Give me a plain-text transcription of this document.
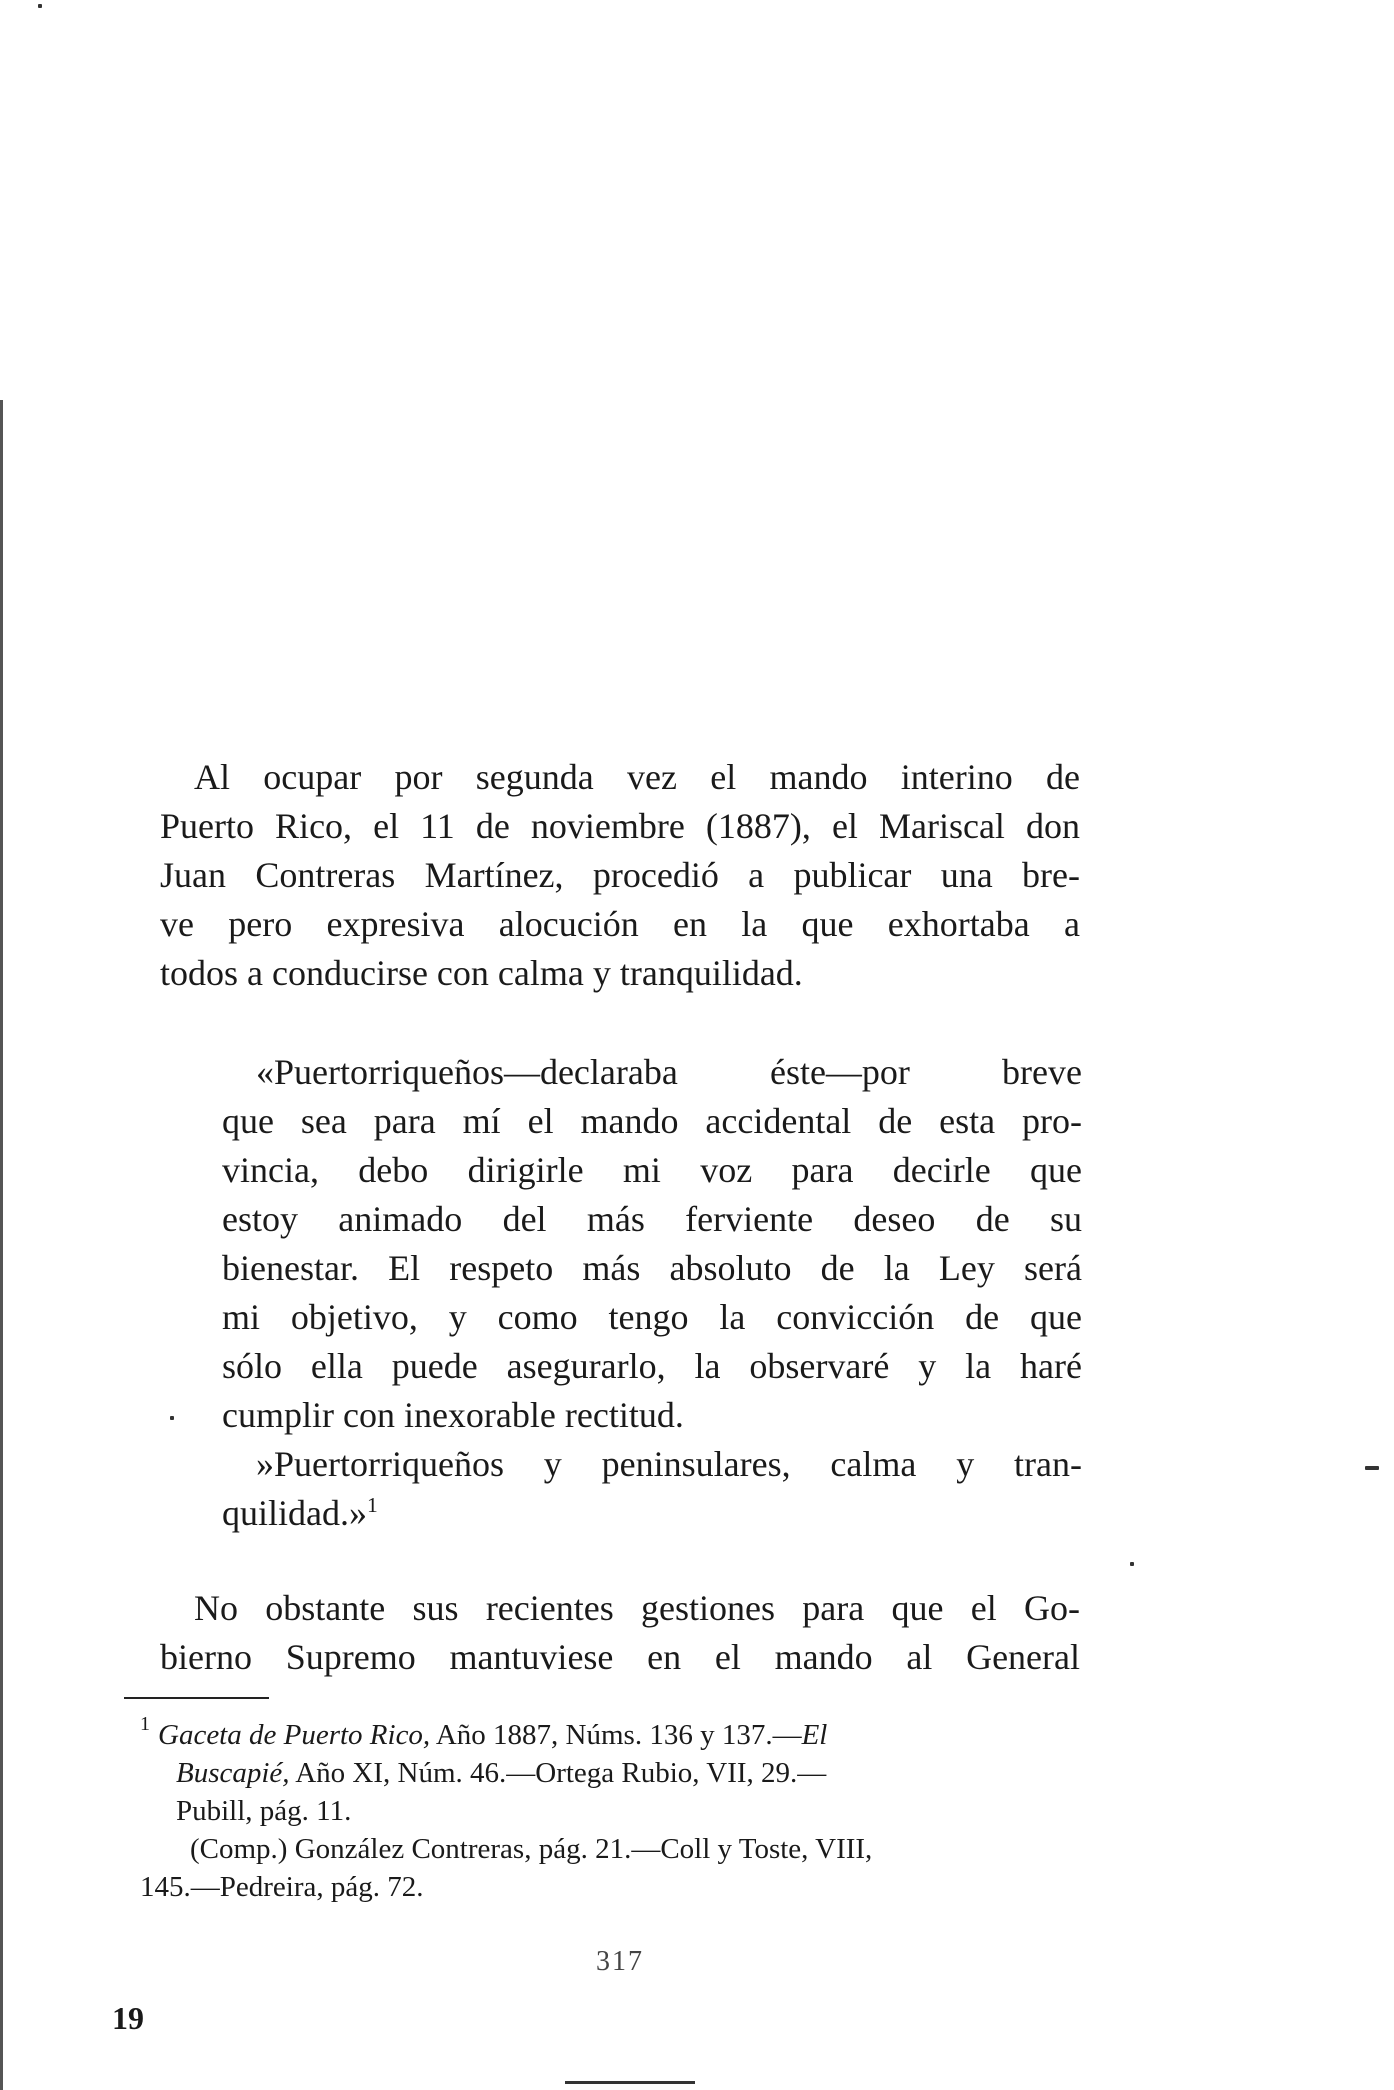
Al ocupar por segunda vez el mando interino de
Puerto Rico, el 11 de noviembre (1887), el Mariscal don
Juan Contreras Martínez, procedió a publicar una bre-
ve pero expresiva alocución en la que exhortaba a
todos a conducirse con calma y tranquilidad.
«Puertorriqueños—declaraba éste—por breve
que sea para mí el mando accidental de esta pro-
vincia, debo dirigirle mi voz para decirle que
estoy animado del más ferviente deseo de su
bienestar. El respeto más absoluto de la Ley será
mi objetivo, y como tengo la convicción de que
sólo ella puede asegurarlo, la observaré y la haré
cumplir con inexorable rectitud.
»Puertorriqueños y peninsulares, calma y tran-
quilidad.»$^1$
No obstante sus recientes gestiones para que el Go-
bierno Supremo mantuviese en el mando al General
$^1$ Gaceta de Puerto Rico, Año 1887, Núms. 136 y 137.—El
Buscapié, Año XI, Núm. 46.—Ortega Rubio, VII, 29.—
Pubill, pág. 11.
(Comp.) González Contreras, pág. 21.—Coll y Toste, VIII,
145.—Pedreira, pág. 72.
317
19
